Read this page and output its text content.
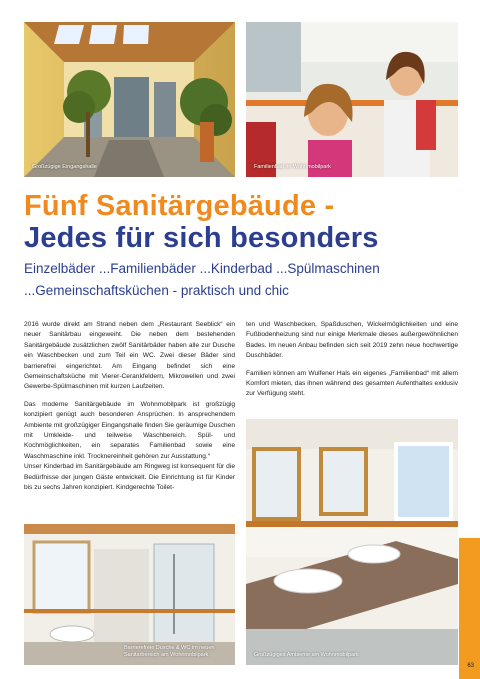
Großzügige Eingangshalle	Familienbad im Wohnmobilpark
Fünf Sanitärgebäude -
Jedes für sich besonders
Einzelbäder ...Familienbäder ...Kinderbad ...Spülmaschinen
...Gemeinschaftsküchen - praktisch und chic

2016 wurde direkt am Strand neben dem „Restaurant Seeblick“ ein neuer Sanitärbau eingeweiht. Die neben dem bestehenden Sanitärgebäude zusätzlichen zwölf Sanitärbäder haben alle zur Dusche ein Waschbecken und zum Teil ein WC. Zwei dieser Bäder sind barrierefrei eingerichtet. Am Eingang befindet sich eine Gemeinschaftsküche mit Vierer-Cerankfeldern, Mikrowellen und zwei Gewerbe-Spülmaschinen mit kurzen Laufzeiten.

Das moderne Sanitärgebäude im Wohnmobilpark ist großzügig konzipiert genügt auch besonderen Ansprüchen. In ansprechendem Ambiente mit großzügiger Eingangshalle finden Sie geräumige Duschen mit Umkleide- und teilweise Waschbereich. Spül- und Kochmöglichkeiten, ein separates Familienbad sowie eine Waschmaschine inkl. Trocknereinheit gehören zur Ausstattung.“

Unser Kinderbad im Sanitärgebäude am Ringweg ist konsequent für die Bedürfnisse der jungen Gäste entwickelt. Die Einrichtung ist für Kinder bis zu sechs Jahren konzipiert. Kindgerechte Toilet-

ten und Waschbecken, Spaßduschen, Wickelmöglichkeiten und eine Fußbodenheizung sind nur einige Merkmale dieses außergewöhnlichen Bades. Im neuen Anbau befinden sich seit 2019 zehn neue hochwertige Duschbäder.

Familien können am Wulfener Hals ein eigenes „Familienbad“ mit allem Komfort mieten, das ihnen während des gesamten Aufenthaltes exklusiv zur Verfügung steht.

Barrierefreie Dusche & WC im neuen Sanitärbereich am Wohnmobilpark	Großzügiges Ambiente am Wohnmobilpark
63
